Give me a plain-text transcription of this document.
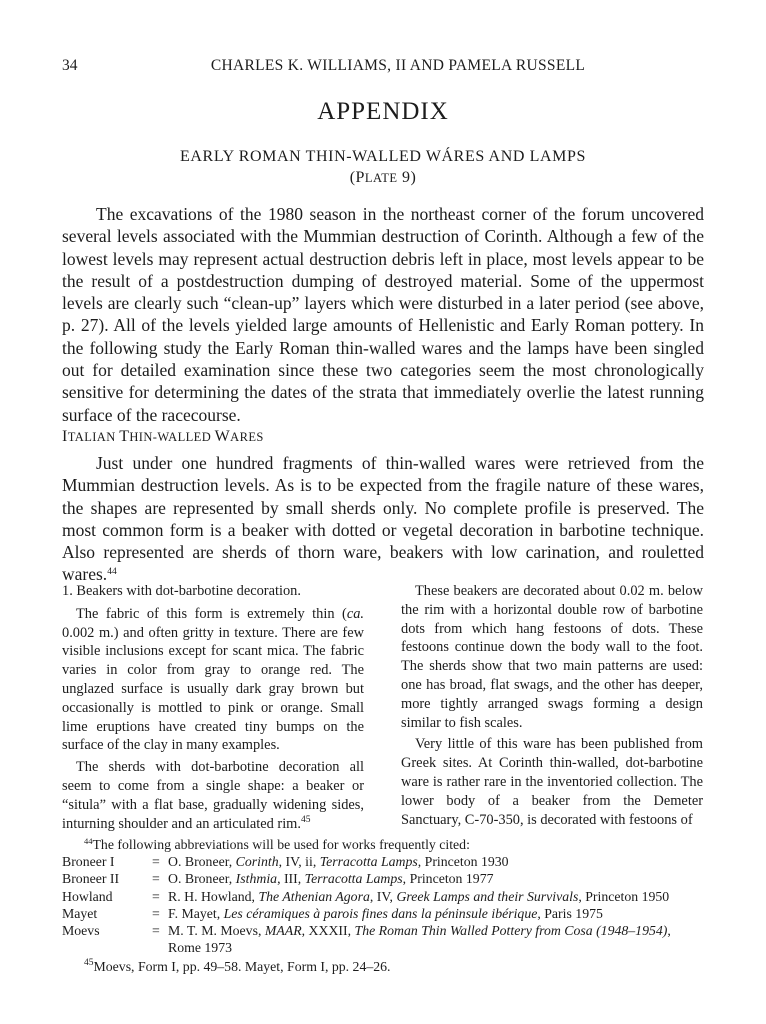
34	CHARLES K. WILLIAMS, II AND PAMELA RUSSELL
APPENDIX
EARLY ROMAN THIN-WALLED WÁRES AND LAMPS
(PLATE 9)
The excavations of the 1980 season in the northeast corner of the forum uncovered several levels associated with the Mummian destruction of Corinth. Although a few of the lowest levels may represent actual destruction debris left in place, most levels appear to be the result of a postdestruction dumping of destroyed material. Some of the uppermost levels are clearly such “clean-up” layers which were disturbed in a later period (see above, p. 27). All of the levels yielded large amounts of Hellenistic and Early Roman pottery. In the following study the Early Roman thin-walled wares and the lamps have been singled out for detailed examination since these two categories seem the most chronologically sensitive for determining the dates of the strata that immediately overlie the latest running surface of the racecourse.
ITALIAN THIN-WALLED WARES
Just under one hundred fragments of thin-walled wares were retrieved from the Mummian destruction levels. As is to be expected from the fragile nature of these wares, the shapes are represented by small sherds only. No complete profile is preserved. The most common form is a beaker with dotted or vegetal decoration in barbotine technique. Also represented are sherds of thorn ware, beakers with low carination, and rouletted wares.$^{44}$

1. Beakers with dot-barbotine decoration.

The fabric of this form is extremely thin (ca. 0.002 m.) and often gritty in texture. There are few visible inclusions except for scant mica. The fabric varies in color from gray to orange red. The unglazed surface is usually dark gray brown but occasionally is mottled to pink or orange. Small lime eruptions have created tiny bumps on the surface of the clay in many examples.

The sherds with dot-barbotine decoration all seem to come from a single shape: a beaker or “situla” with a flat base, gradually widening sides, inturning shoulder and an articulated rim.$^{45}$

These beakers are decorated about 0.02 m. below the rim with a horizontal double row of barbotine dots from which hang festoons of dots. These festoons continue down the body wall to the foot. The sherds show that two main patterns are used: one has broad, flat swags, and the other has deeper, more tightly arranged swags forming a design similar to fish scales.

Very little of this ware has been published from Greek sites. At Corinth thin-walled, dot-barbotine ware is rather rare in the inventoried collection. The lower body of a beaker from the Demeter Sanctuary, C-70-350, is decorated with festoons of

$^{44}$The following abbreviations will be used for works frequently cited:
Broneer I	= O. Broneer, Corinth, IV, ii, Terracotta Lamps, Princeton 1930
Broneer II	= O. Broneer, Isthmia, III, Terracotta Lamps, Princeton 1977
Howland	= R. H. Howland, The Athenian Agora, IV, Greek Lamps and their Survivals, Princeton 1950
Mayet	= F. Mayet, Les céramiques à parois fines dans la péninsule ibérique, Paris 1975
Moevs	= M. T. M. Moevs, MAAR, XXXII, The Roman Thin Walled Pottery from Cosa (1948–1954),
Rome 1973
$^{45}$Moevs, Form I, pp. 49–58. Mayet, Form I, pp. 24–26.
